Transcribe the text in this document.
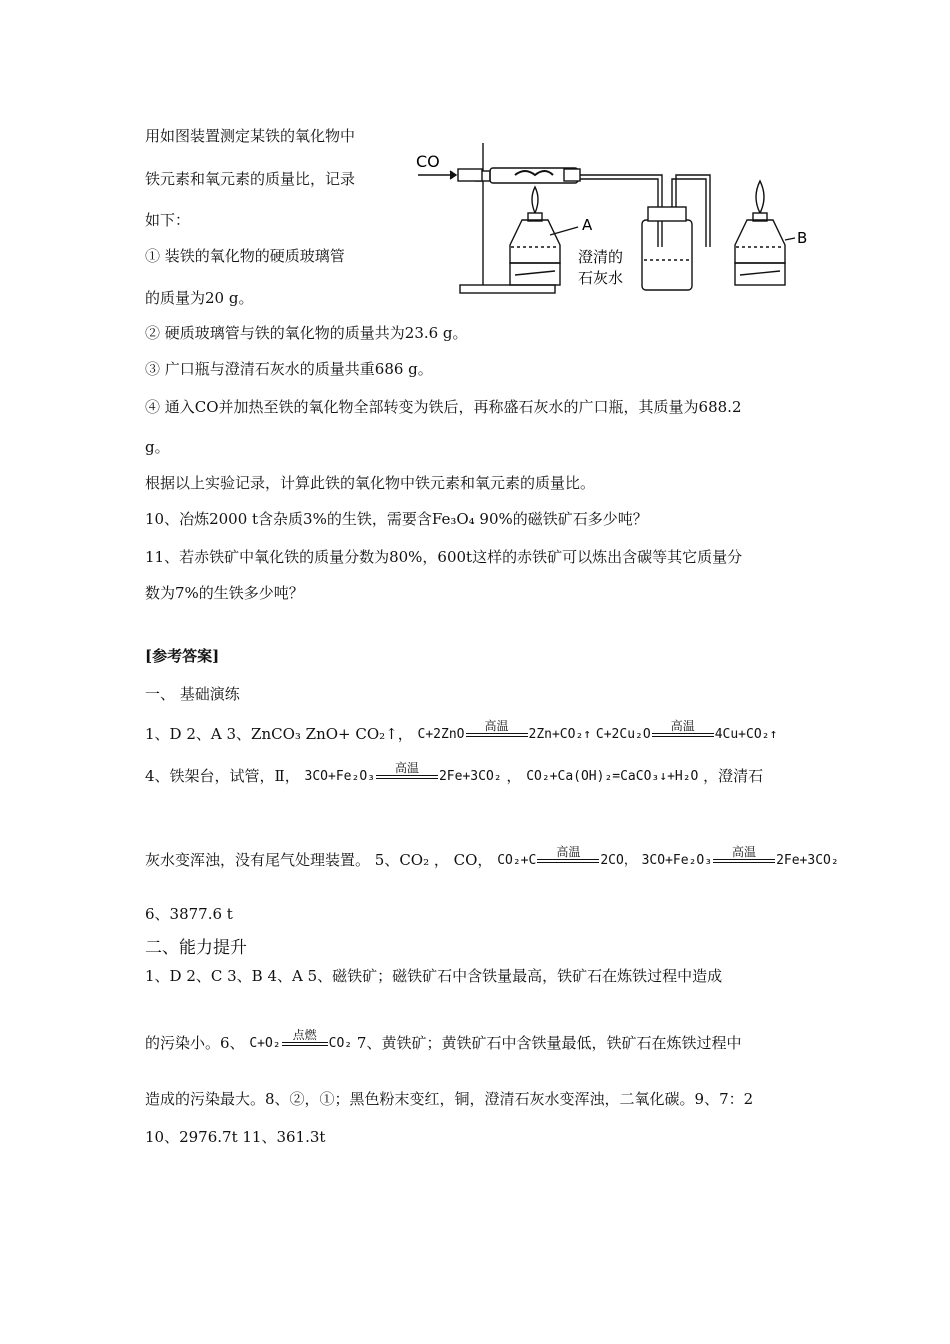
用如图装置测定某铁的氧化物中
铁元素和氧元素的质量比，记录
如下：
① 装铁的氧化物的硬质玻璃管
的质量为20 g。
② 硬质玻璃管与铁的氧化物的质量共为23.6 g。
③ 广口瓶与澄清石灰水的质量共重686 g。
④ 通入CO并加热至铁的氧化物全部转变为铁后，再称盛石灰水的广口瓶，其质量为688.2
g。
根据以上实验记录，计算此铁的氧化物中铁元素和氧元素的质量比。
CO
A
B
澄清的
石灰水
10、冶炼2000 t含杂质3%的生铁，需要含Fe₃O₄ 90%的磁铁矿石多少吨？
11、若赤铁矿中氧化铁的质量分数为80%，600t这样的赤铁矿可以炼出含碳等其它质量分
数为7%的生铁多少吨？
[参考答案]
一、 基础演练
1、D 2、A 3、ZnCO₃ ZnO+ CO₂↑， C+2ZnO
高温
2Zn+CO₂↑
C+2Cu₂O
高温
4Cu+CO₂↑
4、铁架台，试管，Ⅱ， 3CO+Fe₂O₃
高温
2Fe+3CO₂ ， CO₂+Ca(OH)₂=CaCO₃↓+H₂O ，澄清石
灰水变浑浊，没有尾气处理装置。 5、CO₂ ， CO， CO₂+C
高温
2CO，
3CO+Fe₂O₃
高温
2Fe+3CO₂
6、3877.6 t
二、能力提升
1、D 2、C 3、B 4、A 5、磁铁矿；磁铁矿石中含铁量最高，铁矿石在炼铁过程中造成
的污染小。6、 C+O₂
点燃
CO₂ 7、黄铁矿；黄铁矿石中含铁量最低，铁矿石在炼铁过程中
造成的污染最大。8、②，①；黑色粉末变红，铜，澄清石灰水变浑浊，二氧化碳。9、7：2
10、2976.7t 11、361.3t
